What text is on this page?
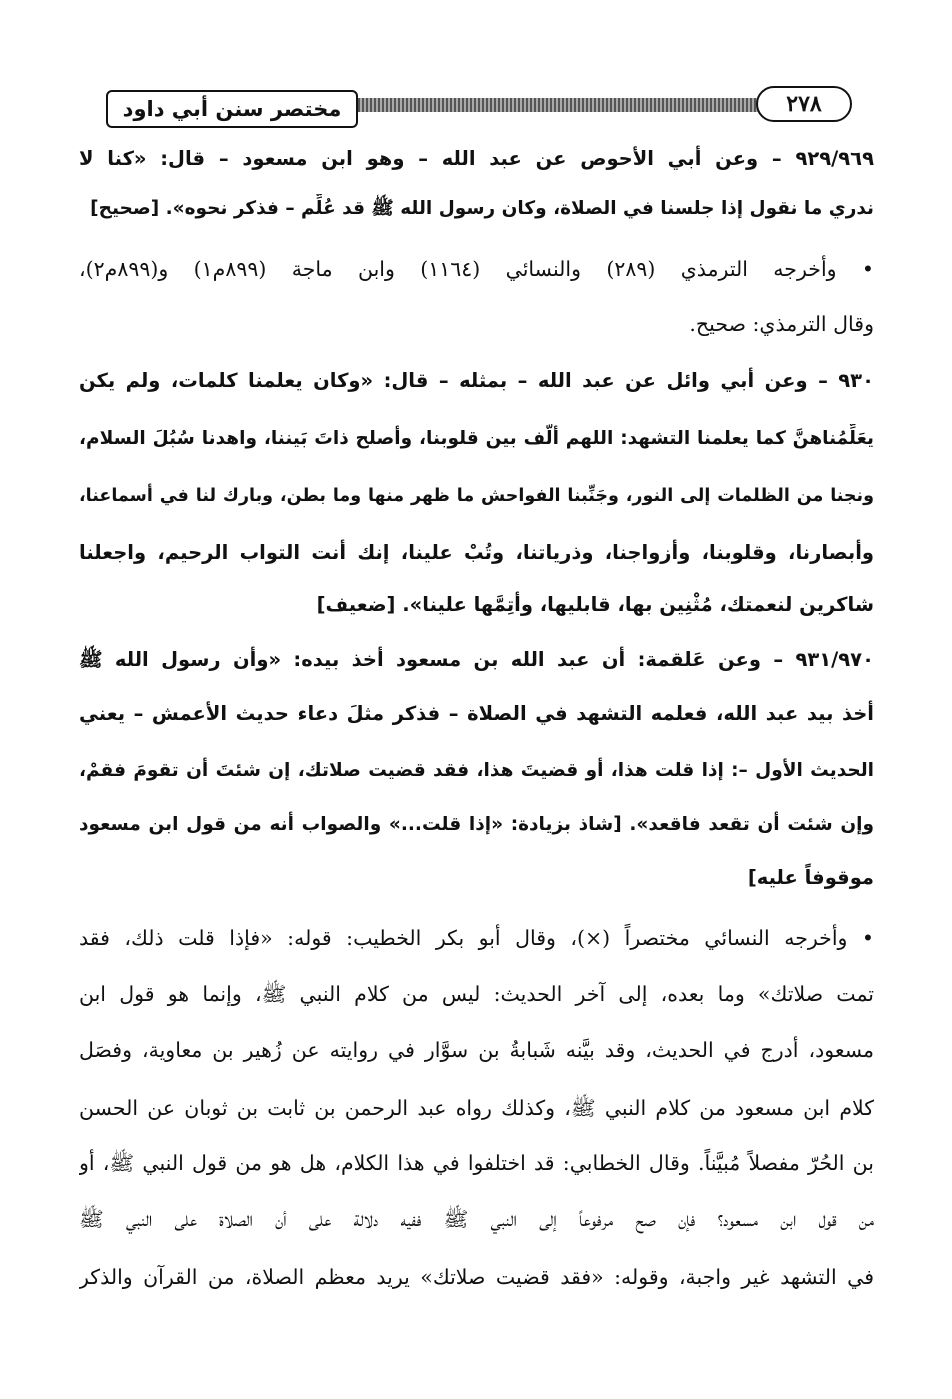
مختصر سنن أبي داود	٢٧٨
٩٢٩/٩٦٩ – وعن أبي الأحوص عن عبد الله – وهو ابن مسعود – قال: «كنا لا
ندري ما نقول إذا جلسنا في الصلاة، وكان رسول الله ﷺ قد عُلِّم – فذكر نحوه». [صحيح]
• وأخرجه الترمذي (٢٨٩) والنسائي (١١٦٤) وابن ماجة (٨٩٩م١) و(٨٩٩م٢)،
وقال الترمذي: صحيح.
٩٣٠ – وعن أبي وائل عن عبد الله – بمثله – قال: «وكان يعلمنا كلمات، ولم يكن
يعَلِّمُناهنَّ كما يعلمنا التشهد: اللهم ألّف بين قلوبنا، وأصلح ذاتَ بَيننا، واهدنا سُبُلَ السلام،
ونجنا من الظلمات إلى النور، وجَنِّبنا الفواحش ما ظهر منها وما بطن، وبارك لنا في أسماعنا،
وأبصارنا، وقلوبنا، وأزواجنا، وذرياتنا، وتُبْ علينا، إنك أنت التواب الرحيم، واجعلنا
شاكرين لنعمتك، مُثْنِين بها، قابليها، وأتِمَّها علينا». [ضعيف]
٩٣١/٩٧٠ – وعن عَلقمة: أن عبد الله بن مسعود أخذ بيده: «وأن رسول الله ﷺ
أخذ بيد عبد الله، فعلمه التشهد في الصلاة – فذكر مثلَ دعاء حديث الأعمش – يعني
الحديث الأول –: إذا قلت هذا، أو قضيتَ هذا، فقد قضيت صلاتك، إن شئتَ أن تقومَ فقمْ،
وإن شئت أن تقعد فاقعد». [شاذ بزيادة: «إذا قلت...» والصواب أنه من قول ابن مسعود
موقوفاً عليه]
• وأخرجه النسائي مختصراً (×)، وقال أبو بكر الخطيب: قوله: «فإذا قلت ذلك، فقد
تمت صلاتك» وما بعده، إلى آخر الحديث: ليس من كلام النبي ﷺ، وإنما هو قول ابن
مسعود، أدرج في الحديث، وقد بيَّنه شَبابةُ بن سوَّار في روايته عن زُهير بن معاوية، وفصَل
كلام ابن مسعود من كلام النبي ﷺ، وكذلك رواه عبد الرحمن بن ثابت بن ثوبان عن الحسن
بن الحُرّ مفصلاً مُبيَّناً. وقال الخطابي: قد اختلفوا في هذا الكلام، هل هو من قول النبي ﷺ، أو
من قول ابن مسعود؟ فإن صح مرفوعاً إلى النبي ﷺ ففيه دلالة على أن الصلاة على النبي ﷺ
في التشهد غير واجبة، وقوله: «فقد قضيت صلاتك» يريد معظم الصلاة، من القرآن والذكر
